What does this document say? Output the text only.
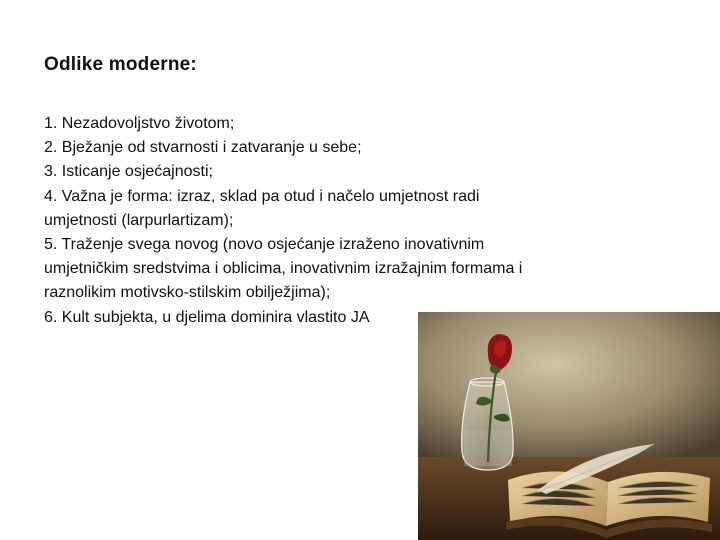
Odlike moderne:
1. Nezadovoljstvo životom;
2. Bježanje od stvarnosti i zatvaranje u sebe;
3. Isticanje osjećajnosti;
4. Važna je forma: izraz, sklad pa otud i načelo umjetnost radi umjetnosti (larpurlartizam);
5. Traženje svega novog (novo osjećanje izraženo inovativnim umjetničkim sredstvima i oblicima, inovativnim izražajnim formama i raznolikim motivsko-stilskim obilježjima);
6. Kult subjekta, u djelima dominira vlastito JA
